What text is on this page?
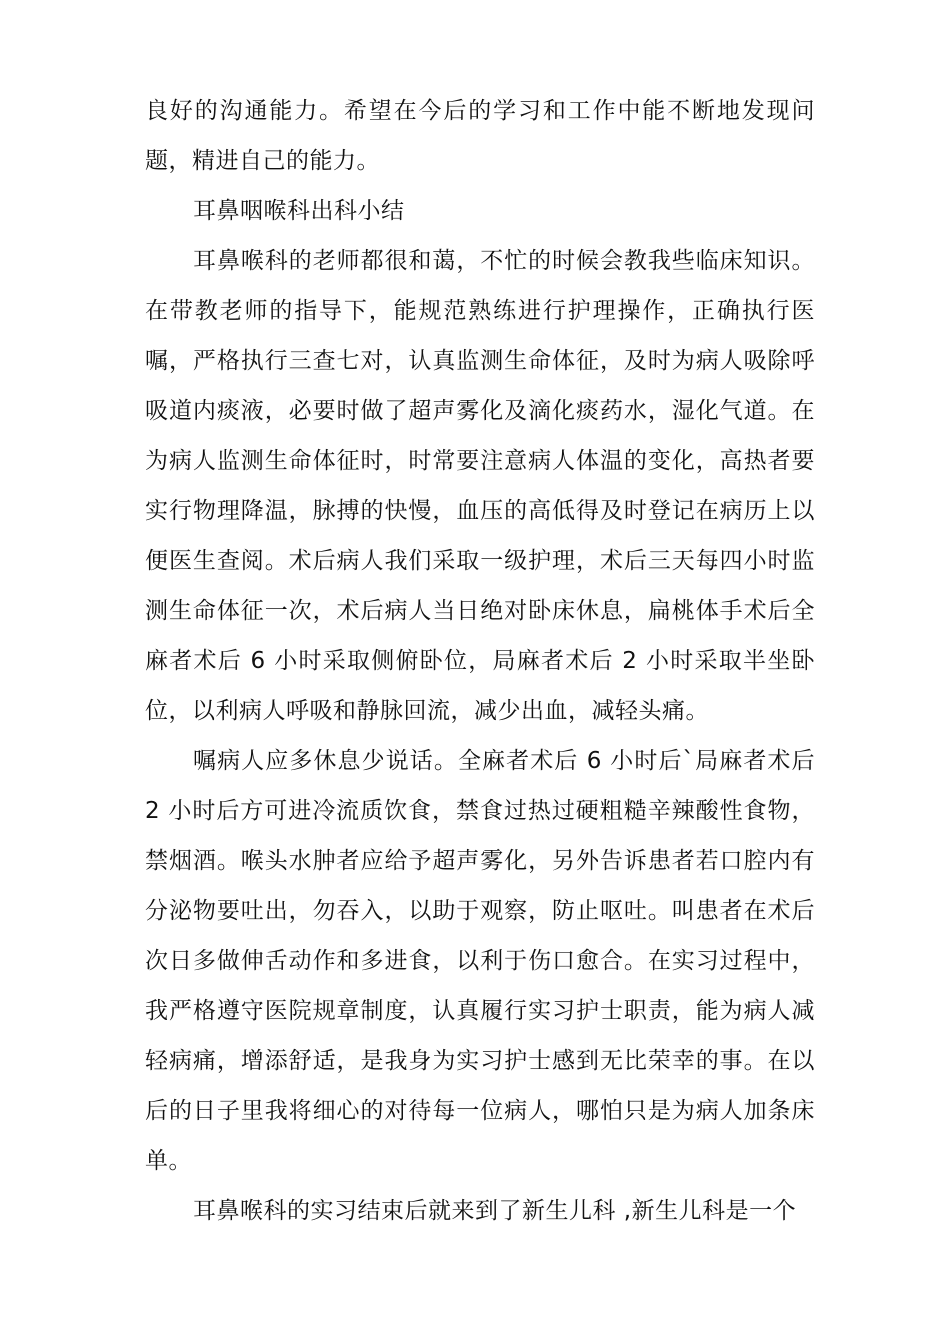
良好的沟通能力。希望在今后的学习和工作中能不断地发现问题，精进自己的能力。

耳鼻咽喉科出科小结

耳鼻喉科的老师都很和蔼，不忙的时候会教我些临床知识。在带教老师的指导下，能规范熟练进行护理操作，正确执行医嘱，严格执行三查七对，认真监测生命体征，及时为病人吸除呼吸道内痰液，必要时做了超声雾化及滴化痰药水，湿化气道。在为病人监测生命体征时，时常要注意病人体温的变化，高热者要实行物理降温，脉搏的快慢，血压的高低得及时登记在病历上以便医生查阅。术后病人我们采取一级护理，术后三天每四小时监测生命体征一次，术后病人当日绝对卧床休息，扁桃体手术后全麻者术后 6 小时采取侧俯卧位，局麻者术后 2 小时采取半坐卧位，以利病人呼吸和静脉回流，减少出血，减轻头痛。

嘱病人应多休息少说话。全麻者术后 6 小时后`局麻者术后 2 小时后方可进冷流质饮食，禁食过热过硬粗糙辛辣酸性食物，禁烟酒。喉头水肿者应给予超声雾化，另外告诉患者若口腔内有分泌物要吐出，勿吞入，以助于观察，防止呕吐。叫患者在术后次日多做伸舌动作和多进食，以利于伤口愈合。在实习过程中，我严格遵守医院规章制度，认真履行实习护士职责，能为病人减轻病痛，增添舒适，是我身为实习护士感到无比荣幸的事。在以后的日子里我将细心的对待每一位病人，哪怕只是为病人加条床单。

耳鼻喉科的实习结束后就来到了新生儿科 ,新生儿科是一个
